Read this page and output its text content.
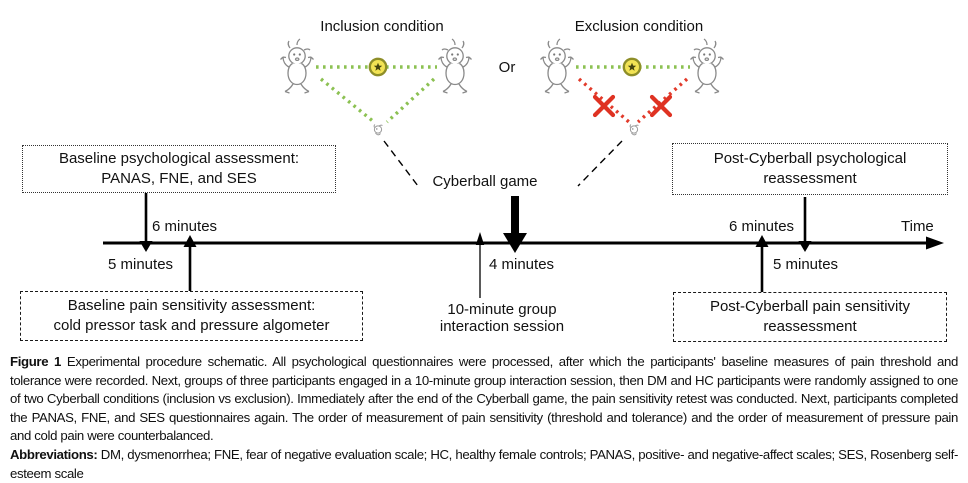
Inclusion condition	Exclusion condition
Or
Cyberball game
Time
6 minutes
5 minutes	4 minutes
6 minutes
5 minutes
10-minute group
interaction session
Baseline psychological assessment:
PANAS, FNE, and SES
Baseline pain sensitivity assessment:
cold pressor task and pressure algometer
Post-Cyberball psychological
reassessment
Post-Cyberball pain sensitivity
reassessment

Figure 1 Experimental procedure schematic. All psychological questionnaires were processed, after which the participants' baseline measures of pain threshold and tolerance were recorded. Next, groups of three participants engaged in a 10-minute group interaction session, then DM and HC participants were randomly assigned to one of two Cyberball conditions (inclusion vs exclusion). Immediately after the end of the Cyberball game, the pain sensitivity retest was conducted. Next, participants completed the PANAS, FNE, and SES questionnaires again. The order of measurement of pain sensitivity (threshold and tolerance) and the order of measurement of pressure pain and cold pain were counterbalanced.

Abbreviations: DM, dysmenorrhea; FNE, fear of negative evaluation scale; HC, healthy female controls; PANAS, positive- and negative-affect scales; SES, Rosenberg self-esteem scale
